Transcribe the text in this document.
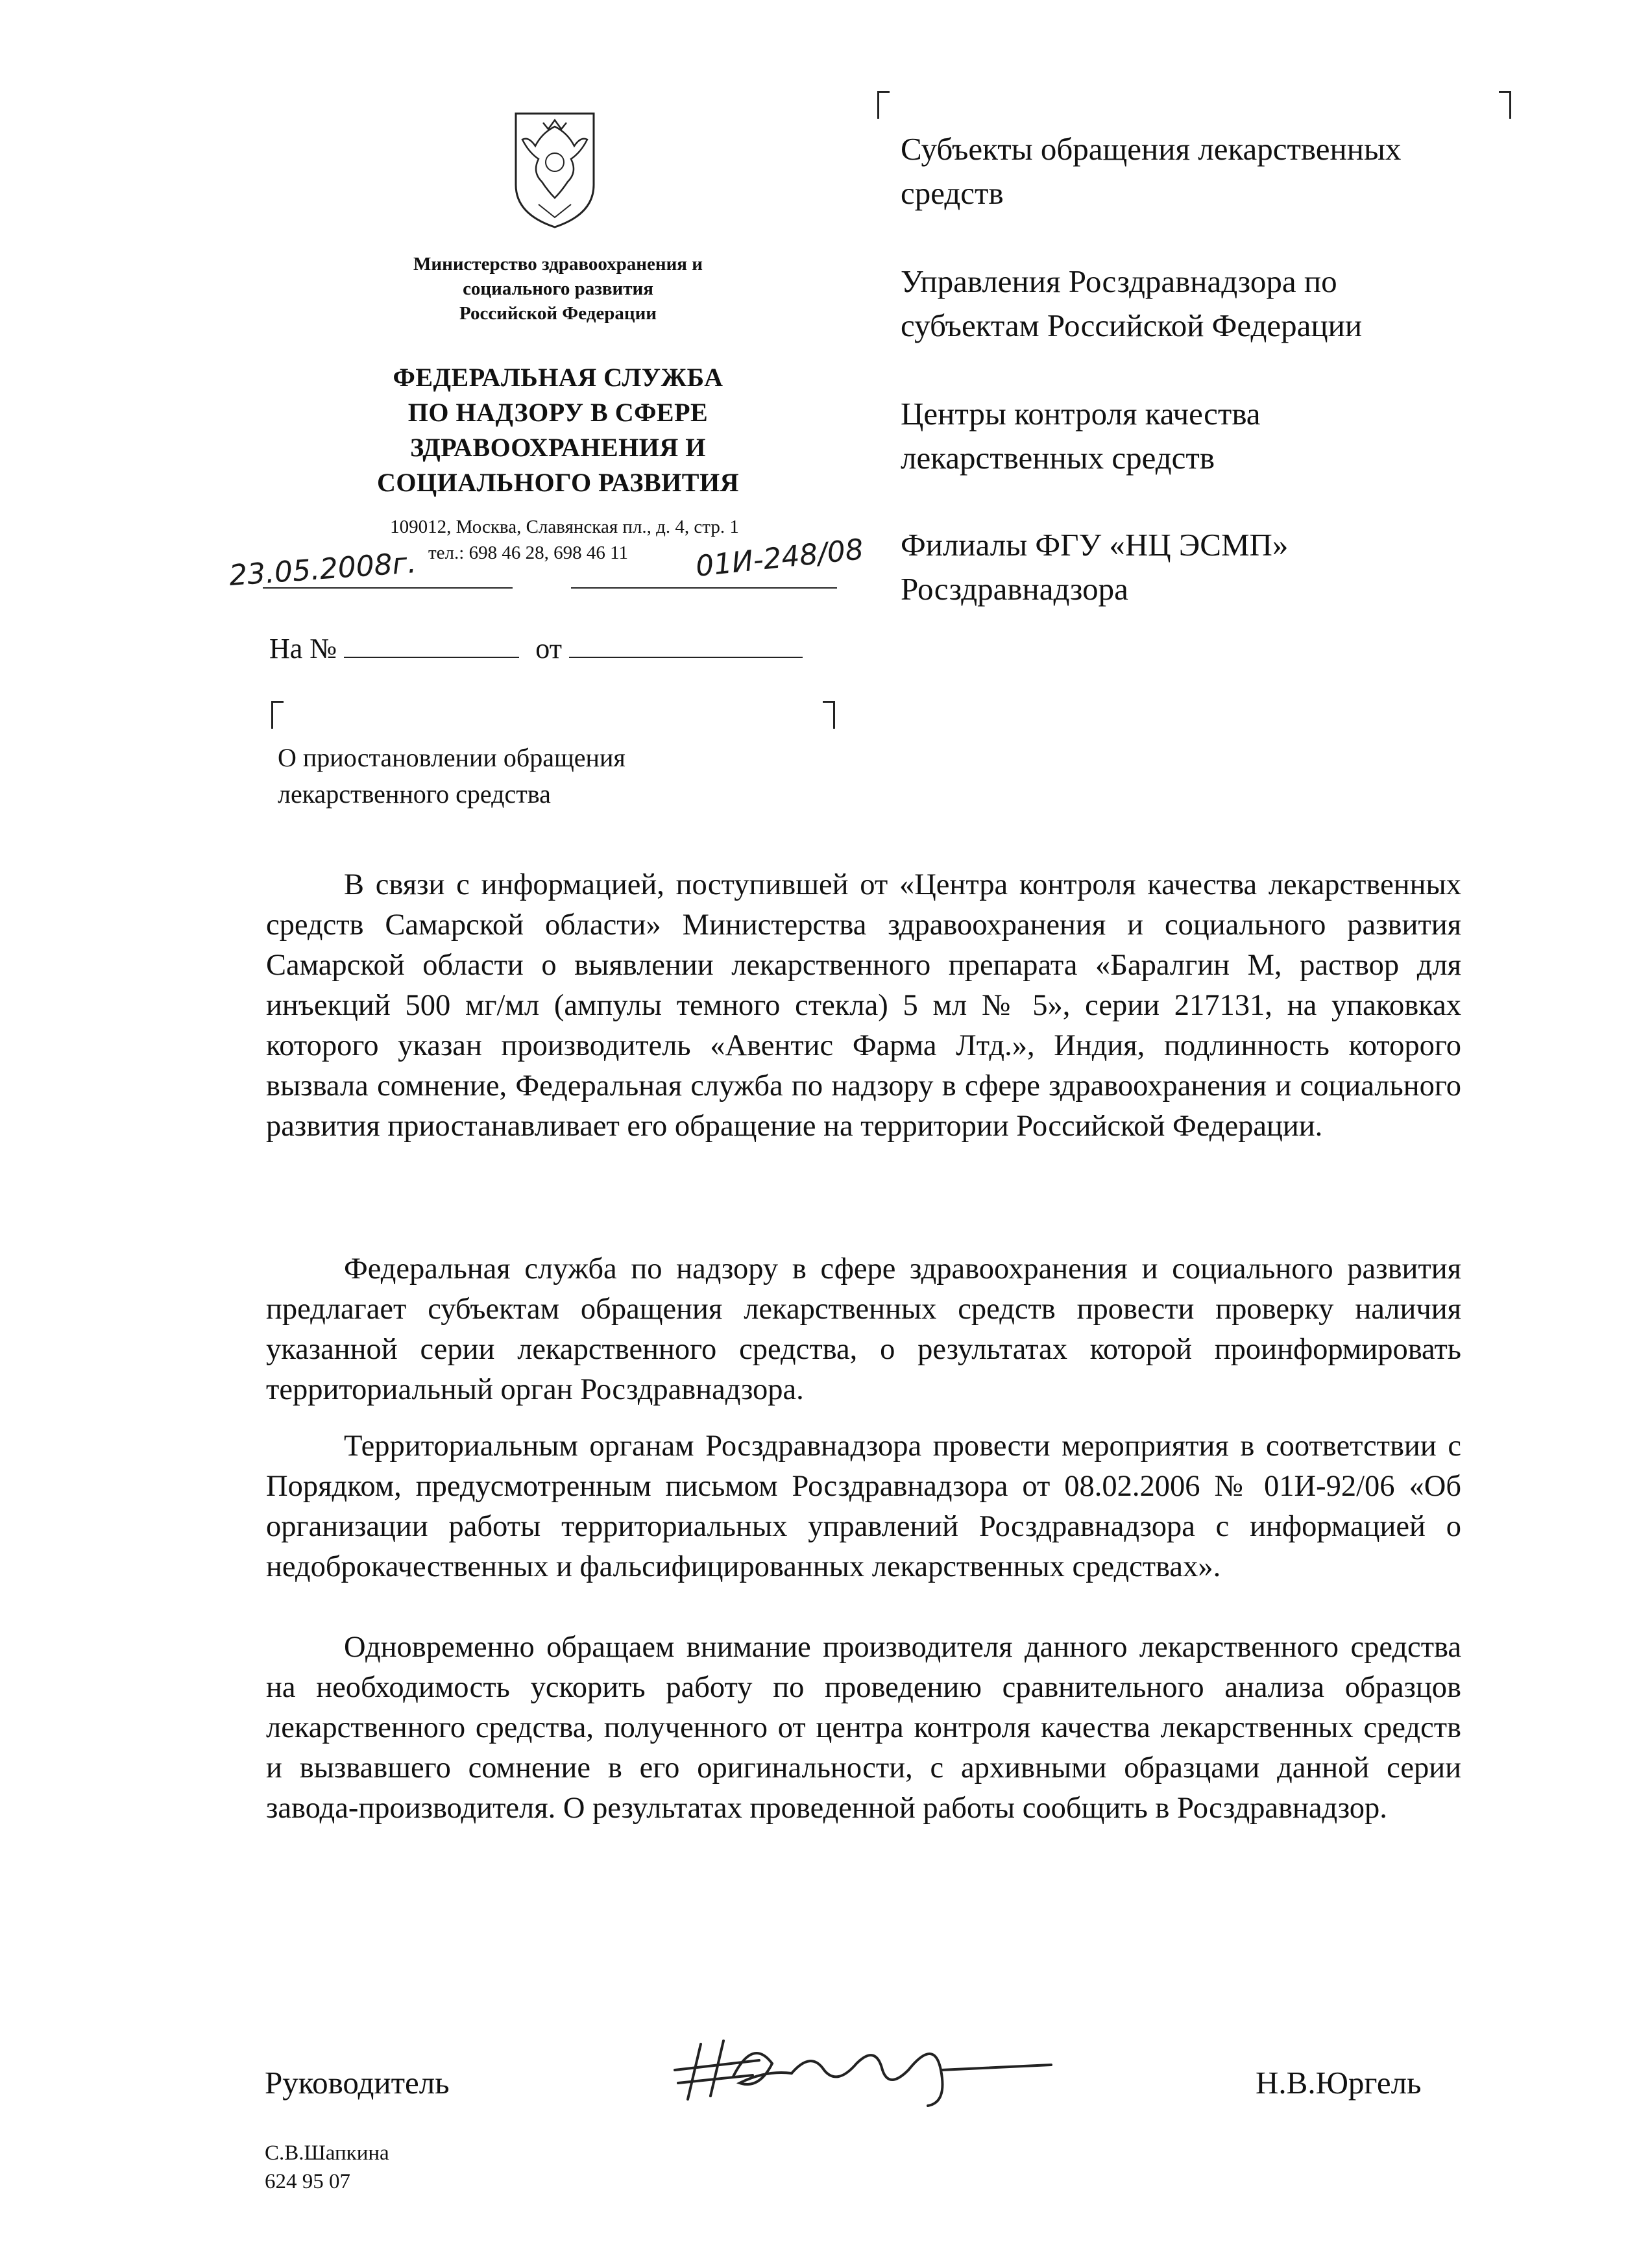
Министерство здравоохранения и
социального развития
Российской Федерации
ФЕДЕРАЛЬНАЯ СЛУЖБА
ПО НАДЗОРУ В СФЕРЕ
ЗДРАВООХРАНЕНИЯ И
СОЦИАЛЬНОГО РАЗВИТИЯ
109012, Москва, Славянская пл., д. 4, стр. 1
тел.: 698 46 28, 698 46 11
23.05.2008г.	01И-248/08
На №	от
О приостановлении обращения
лекарственного средства
Субъекты обращения лекарственных
средств
Управления Росздравнадзора по
субъектам Российской Федерации
Центры контроля качества
лекарственных средств
Филиалы ФГУ «НЦ ЭСМП»
Росздравнадзора

В связи с информацией, поступившей от «Центра контроля качества лекарственных средств Самарской области» Министерства здравоохранения и социального развития Самарской области о выявлении лекарственного препарата «Баралгин М, раствор для инъекций 500 мг/мл (ампулы темного стекла) 5 мл № 5», серии 217131, на упаковках которого указан производитель «Авентис Фарма Лтд.», Индия, подлинность которого вызвала сомнение, Федеральная служба по надзору в сфере здравоохранения и социального развития приостанавливает его обращение на территории Российской Федерации.

Федеральная служба по надзору в сфере здравоохранения и социального развития предлагает субъектам обращения лекарственных средств провести проверку наличия указанной серии лекарственного средства, о результатах которой проинформировать территориальный орган Росздравнадзора.

Территориальным органам Росздравнадзора провести мероприятия в соответствии с Порядком, предусмотренным письмом Росздравнадзора от 08.02.2006 № 01И-92/06 «Об организации работы территориальных управлений Росздравнадзора с информацией о недоброкачественных и фальсифицированных лекарственных средствах».

Одновременно обращаем внимание производителя данного лекарственного средства на необходимость ускорить работу по проведению сравнительного анализа образцов лекарственного средства, полученного от центра контроля качества лекарственных средств и вызвавшего сомнение в его оригинальности, с архивными образцами данной серии завода-производителя. О результатах проведенной работы сообщить в Росздравнадзор.

Руководитель	Н.В.Юргель
С.В.Шапкина
624 95 07
